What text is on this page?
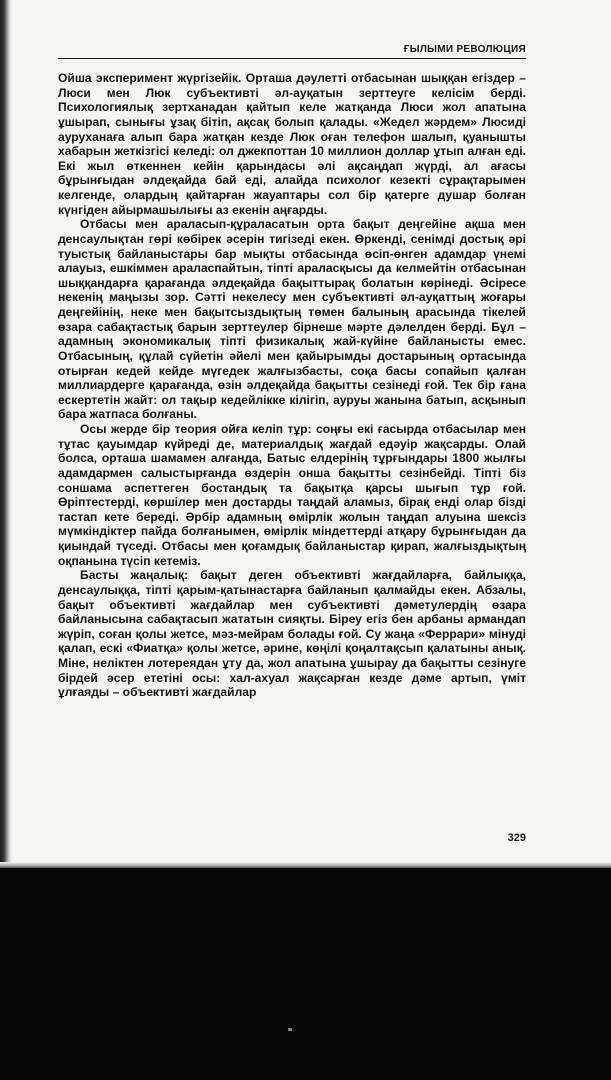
ҒЫЛЫМИ РЕВОЛЮЦИЯ

Ойша эксперимент жүргізейік. Орташа дәулетті отбасынан шыққан егіздер – Люси мен Люк субъективті әл-ауқатын зерттеуге келісім берді. Психологиялық зертханадан қайтып келе жатқанда Люси жол апатына ұшырап, сынығы ұзақ бітіп, ақсақ болып қалады. «Жедел жәрдем» Люсиді ауруханаға алып бара жатқан кезде Люк оған телефон шалып, қуанышты хабарын жеткізгісі келеді: ол джекпоттан 10 миллион доллар ұтып алған еді. Екі жыл өткеннен кейін қарындасы әлі ақсаңдап жүрді, ал ағасы бұрынғыдан әлдеқайда бай еді, алайда психолог кезекті сұрақтарымен келгенде, олардың қайтарған жауаптары сол бір қатерге душар болған күнгіден айырмашылығы аз екенін аңғарды.

Отбасы мен араласып-құраласатын орта бақыт деңгейіне ақша мен денсаулықтан гөрі көбірек әсерін тигізеді екен. Өркенді, сенімді достық әрі туыстық байланыстары бар мықты отбасында өсіп-өнген адамдар үнемі алауыз, ешкіммен араласпайтын, тіпті араласқысы да келмейтін отбасынан шыққандарға қарағанда әлдеқайда бақыттырақ болатын көрінеді. Әсіресе некенің маңызы зор. Сәтті некелесу мен субъективті әл-ауқаттың жоғары деңгейінің, неке мен бақытсыздықтың төмен балының арасында тікелей өзара сабақтастық барын зерттеулер бірнеше мәрте дәлелден берді. Бұл – адамның экономикалық тіпті физикалық жай-күйіне байланысты емес. Отбасының, құлай сүйетін әйелі мен қайырымды достарының ортасында отырған кедей кейде мүгедек жалғызбасты, соқа басы сопайып қалған миллиардерге қарағанда, өзін әлдеқайда бақытты сезінеді ғой. Тек бір ғана ескертетін жайт: ол тақыр кедейлікке кілігіп, ауруы жанына батып, асқынып бара жатпаса болғаны.

Осы жерде бір теория ойға келіп тұр: соңғы екі ғасырда отбасылар мен тұтас қауымдар күйреді де, материалдық жағдай едәуір жақсарды. Олай болса, орташа шамамен алғанда, Батыс елдерінің тұрғындары 1800 жылғы адамдармен салыстырғанда өздерін онша бақытты сезінбейді. Тіпті біз соншама әспеттеген бостандық та бақытқа қарсы шығып тұр ғой. Өріптестерді, көршілер мен достарды таңдай аламыз, бірақ енді олар бізді тастап кете береді. Әрбір адамның өмірлік жолын таңдап алуына шексіз мүмкіндіктер пайда болғанымен, өмірлік міндеттерді атқару бұрынғыдан да қиындай түседі. Отбасы мен қоғамдық байланыстар қирап, жалғыздықтың оқпанына түсіп кетеміз.

Басты жаңалық: бақыт деген объективті жағдайларға, байлыққа, денсаулыққа, тіпті қарым-қатынастарға байланып қалмайды екен. Абзалы, бақыт объективті жағдайлар мен субъективті дәметулердің өзара байланысына сабақтасып жататын сияқты. Біреу егіз бен арбаны армандап жүріп, соған қолы жетсе, мәз-мейрам болады ғой. Су жаңа «Феррари» мінуді қалап, ескі «Фиатқа» қолы жетсе, әрине, көңілі қоңалтақсып қалатыны анық. Міне, неліктен лотереядан ұту да, жол апатына ұшырау да бақытты сезінуге бірдей әсер ететіні осы: хал-ахуал жақсарған кезде дәме артып, үміт ұлғаяды – объективті жағдайлар

329
